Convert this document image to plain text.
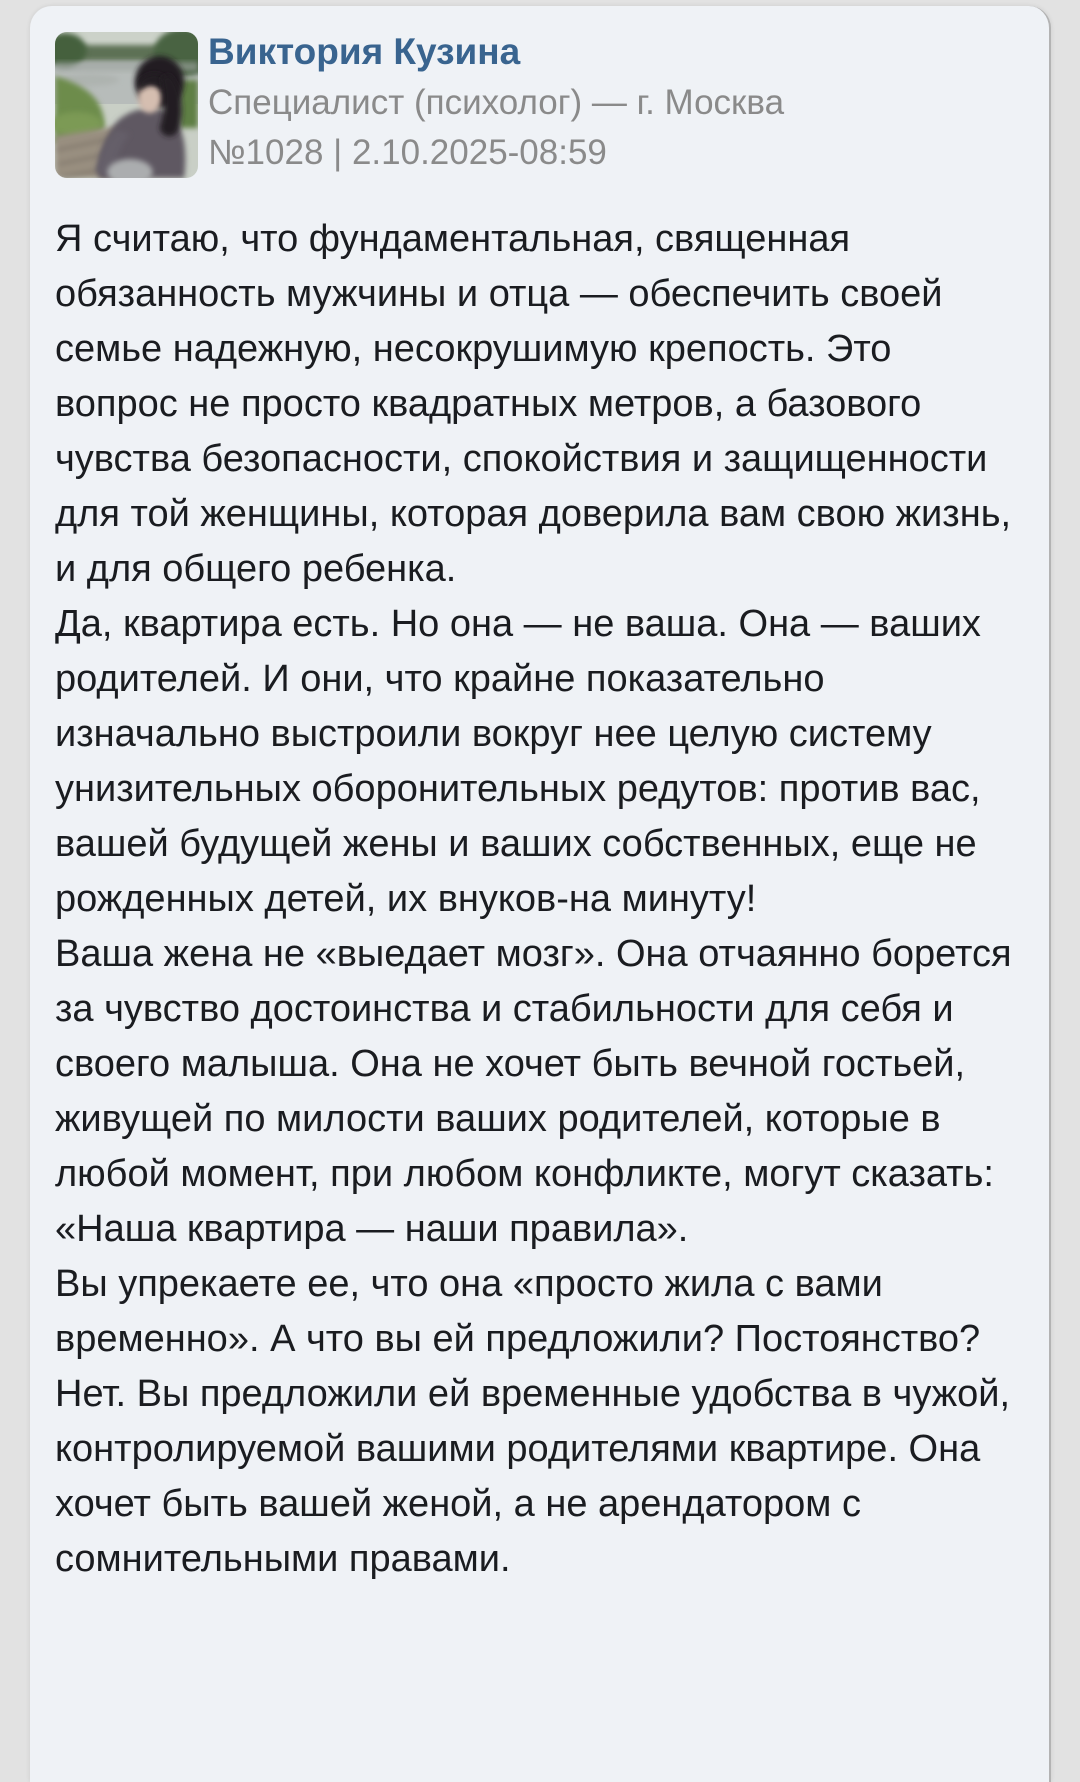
Виктория Кузина
Специалист (психолог) — г. Москва
№1028 | 2.10.2025-08:59

Я считаю, что фундаментальная, священная обязанность мужчины и отца — обеспечить своей семье надежную, несокрушимую крепость. Это вопрос не просто квадратных метров, а базового чувства безопасности, спокойствия и защищенности для той женщины, которая доверила вам свою жизнь, и для общего ребенка.

Да, квартира есть. Но она — не ваша. Она — ваших родителей. И они, что крайне показательно изначально выстроили вокруг нее целую систему унизительных оборонительных редутов: против вас, вашей будущей жены и ваших собственных, еще не рожденных детей, их внуков-на минуту!

Ваша жена не «выедает мозг». Она отчаянно борется за чувство достоинства и стабильности для себя и своего малыша. Она не хочет быть вечной гостьей, живущей по милости ваших родителей, которые в любой момент, при любом конфликте, могут сказать: «Наша квартира — наши правила».

Вы упрекаете ее, что она «просто жила с вами временно». А что вы ей предложили? Постоянство? Нет. Вы предложили ей временные удобства в чужой, контролируемой вашими родителями квартире. Она хочет быть вашей женой, а не арендатором с сомнительными правами.
